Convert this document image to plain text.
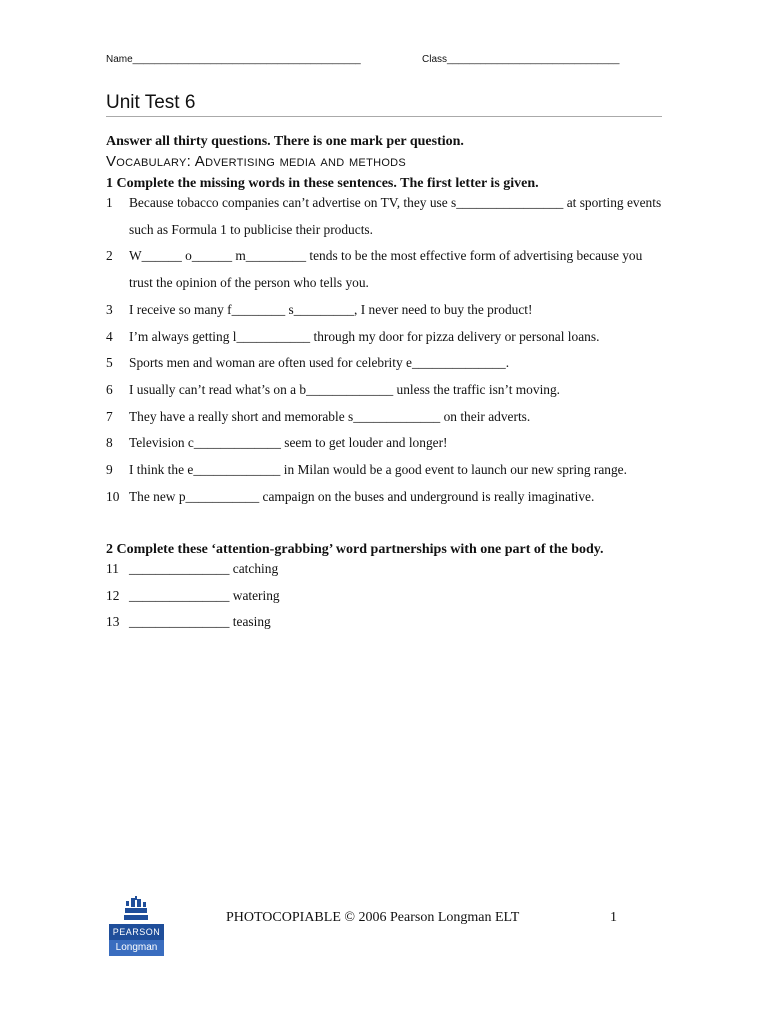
Name_________________________________________	Class_______________________________
Unit Test 6
Answer all thirty questions. There is one mark per question.
Vocabulary: Advertising media and methods
1 Complete the missing words in these sentences. The first letter is given.
1 Because tobacco companies can’t advertise on TV, they use s________________ at sporting events such as Formula 1 to publicise their products.
2 W______ o______ m_________ tends to be the most effective form of advertising because you trust the opinion of the person who tells you.
3 I receive so many f________ s_________, I never need to buy the product!
4 I’m always getting l___________ through my door for pizza delivery or personal loans.
5 Sports men and woman are often used for celebrity e______________.
6 I usually can’t read what’s on a b_____________ unless the traffic isn’t moving.
7 They have a really short and memorable s_____________ on their adverts.
8 Television c_____________ seem to get louder and longer!
9 I think the e_____________ in Milan would be a good event to launch our new spring range.
10 The new p___________ campaign on the buses and underground is really imaginative.
2 Complete these ‘attention-grabbing’ word partnerships with one part of the body.
11 _______________ catching
12 _______________ watering
13 _______________ teasing
PEARSON
Longman
PHOTOCOPIABLE © 2006 Pearson Longman ELT	1
